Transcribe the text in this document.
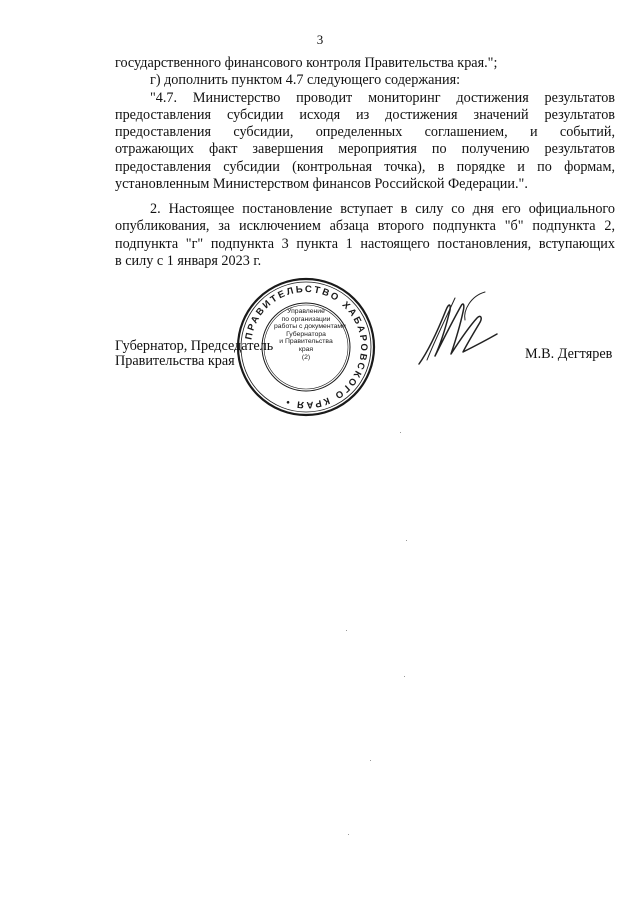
3
государственного финансового контроля Правительства края.";
г) дополнить пунктом 4.7 следующего содержания:
"4.7. Министерство проводит мониторинг достижения результатов
предоставления субсидии исходя из достижения значений результатов
предоставления субсидии, определенных соглашением, и событий,
отражающих факт завершения мероприятия по получению результатов
предоставления субсидии (контрольная точка), в порядке и по формам,
установленным Министерством финансов Российской Федерации.".
2. Настоящее постановление вступает в силу со дня его официального
опубликования, за исключением абзаца второго подпункта "б" подпункта 2,
подпункта "г" подпункта 3 пункта 1 настоящего постановления, вступающих
в силу с 1 января 2023 г.
ПРАВИТЕЛЬСТВО ХАБАРОВСКОГО КРАЯ •
Управление
по организации
работы с документами
Губернатора
и Правительства
края
(2)
Губернатор, Председатель
Правительства края	М.В. Дегтярев
